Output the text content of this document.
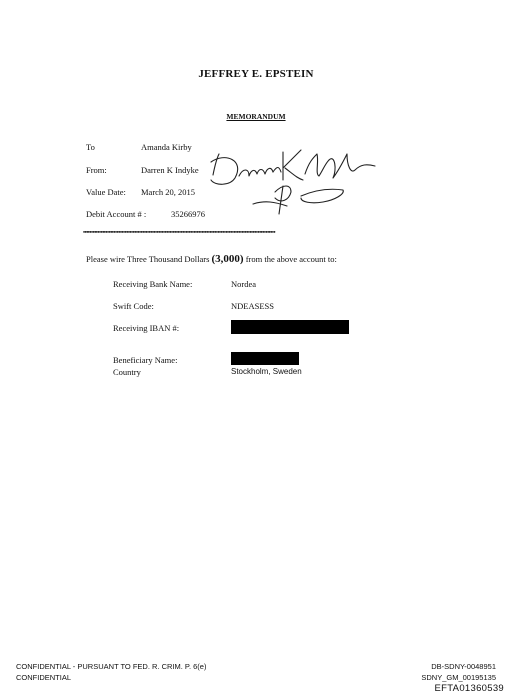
JEFFREY E. EPSTEIN
MEMORANDUM
To	Amanda Kirby
From:	Darren K Indyke
Value Date: March 20, 2015
Debit Account # :	35266976
••••••••••••••••••••••••••••••••••••••••••••••••••••••••••••••••••••••••••••••••••••••••••••••••••••••••••••••••••••••••
Please wire Three Thousand Dollars (3,000) from the above account to:
Receiving Bank Name:	Nordea
Swift Code:	NDEASESS
Receiving IBAN #:
Beneficiary Name:
Country	Stockholm, Sweden
CONFIDENTIAL - PURSUANT TO FED. R. CRIM. P. 6(e)
CONFIDENTIAL
DB-SDNY-0048951
SDNY_GM_00195135
EFTA01360539
